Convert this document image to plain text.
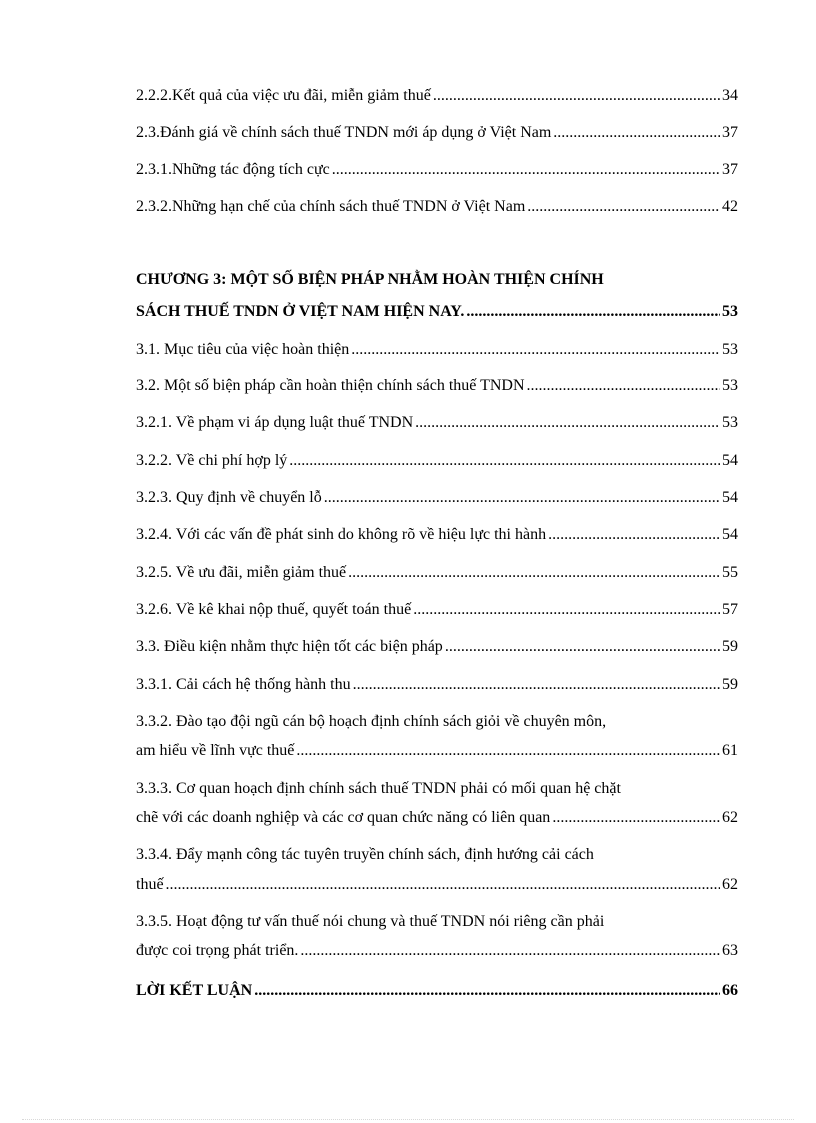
2.2.2.Kết quả của việc ưu đãi, miễn giảm thuế .....	34
2.3.Đánh giá về chính sách thuế TNDN mới áp dụng ở Việt Nam .....	37
2.3.1.Những tác động tích cực .....	37
2.3.2.Những hạn chế của chính sách thuế TNDN ở Việt Nam .....	42
CHƯƠNG 3: MỘT SỐ BIỆN PHÁP NHẰM HOÀN THIỆN CHÍNH
SÁCH THUẾ TNDN Ở VIỆT NAM HIỆN NAY. .....	53
3.1. Mục tiêu của việc hoàn thiện .....	53
3.2. Một số biện pháp cần hoàn thiện chính sách thuế TNDN .....	53
3.2.1. Về phạm vi áp dụng luật thuế TNDN .....	53
3.2.2. Về chi phí hợp lý .....	54
3.2.3. Quy định về chuyển lỗ .....	54
3.2.4. Với các vấn đề phát sinh do không rõ về hiệu lực thi hành .....	54
3.2.5. Về ưu đãi, miễn giảm thuế .....	55
3.2.6. Về kê khai nộp thuế, quyết toán thuế .....	57
3.3. Điều kiện nhằm thực hiện tốt các biện pháp .....	59
3.3.1. Cải cách hệ thống hành thu .....	59
3.3.2. Đào tạo đội ngũ cán bộ hoạch định chính sách giỏi về chuyên môn,
am hiểu về lĩnh vực thuế .....	61
3.3.3. Cơ quan hoạch định chính sách thuế TNDN phải có mối quan hệ chặt
chẽ với các doanh nghiệp và các cơ quan chức năng có liên quan .....	62
3.3.4. Đẩy mạnh công tác tuyên truyền chính sách, định hướng cải cách
thuế .....	62
3.3.5. Hoạt động tư vấn thuế nói chung và thuế TNDN nói riêng cần phải
được coi trọng phát triển. .....	63
LỜI KẾT LUẬN .....	66
